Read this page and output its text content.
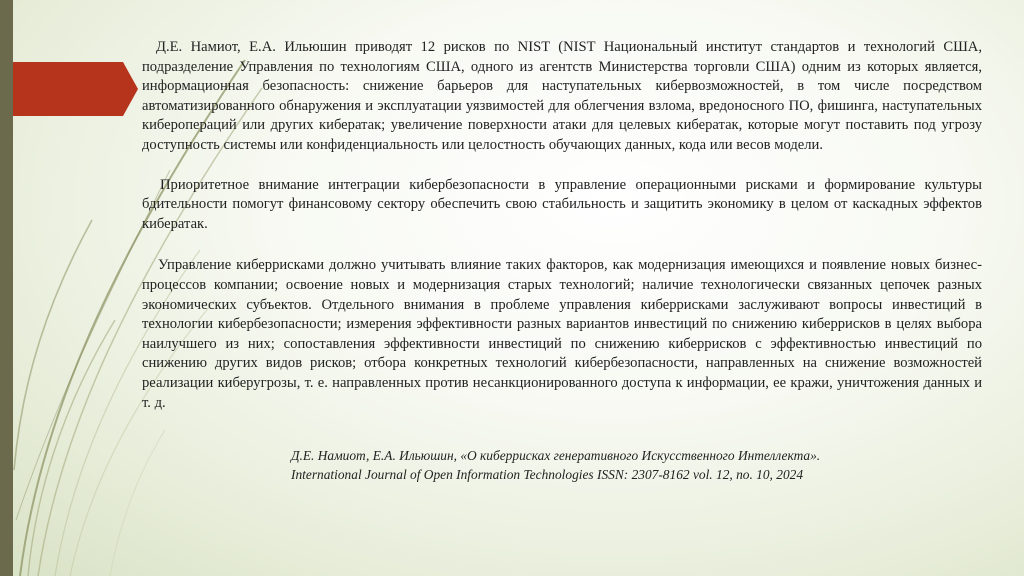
Д.Е. Намиот, Е.А. Ильюшин приводят 12 рисков по NIST (NIST Национальный институт стандартов и технологий США, подразделение Управления по технологиям США, одного из агентств Министерства торговли США) одним из которых является, информационная безопасность: снижение барьеров для наступательных кибервозможностей, в том числе посредством автоматизированного обнаружения и эксплуатации уязвимостей для облегчения взлома, вредоносного ПО, фишинга, наступательных киберопераций или других кибератак; увеличение поверхности атаки для целевых кибератак, которые могут поставить под угрозу доступность системы или конфиденциальность или целостность обучающих данных, кода или весов модели.

Приоритетное внимание интеграции кибербезопасности в управление операционными рисками и формирование культуры бдительности помогут финансовому сектору обеспечить свою стабильность и защитить экономику в целом от каскадных эффектов кибератак.

Управление киберрисками должно учитывать влияние таких факторов, как модернизация имеющихся и появление новых бизнес-процессов компании; освоение новых и модернизация старых технологий; наличие технологически связанных цепочек разных экономических субъектов. Отдельного внимания в проблеме управления киберрисками заслуживают вопросы инвестиций в технологии кибербезопасности; измерения эффективности разных вариантов инвестиций по снижению киберрисков в целях выбора наилучшего из них; сопоставления эффективности инвестиций по снижению киберрисков с эффективностью инвестиций по снижению других видов рисков; отбора конкретных технологий кибербезопасности, направленных на снижение возможностей реализации киберугрозы, т. е. направленных против несанкционированного доступа к информации, ее кражи, уничтожения данных и т. д.

Д.Е. Намиот, Е.А. Ильюшин, «О киберрисках генеративного Искусственного Интеллекта».
International Journal of Open Information Technologies ISSN: 2307-8162 vol. 12, no. 10, 2024
